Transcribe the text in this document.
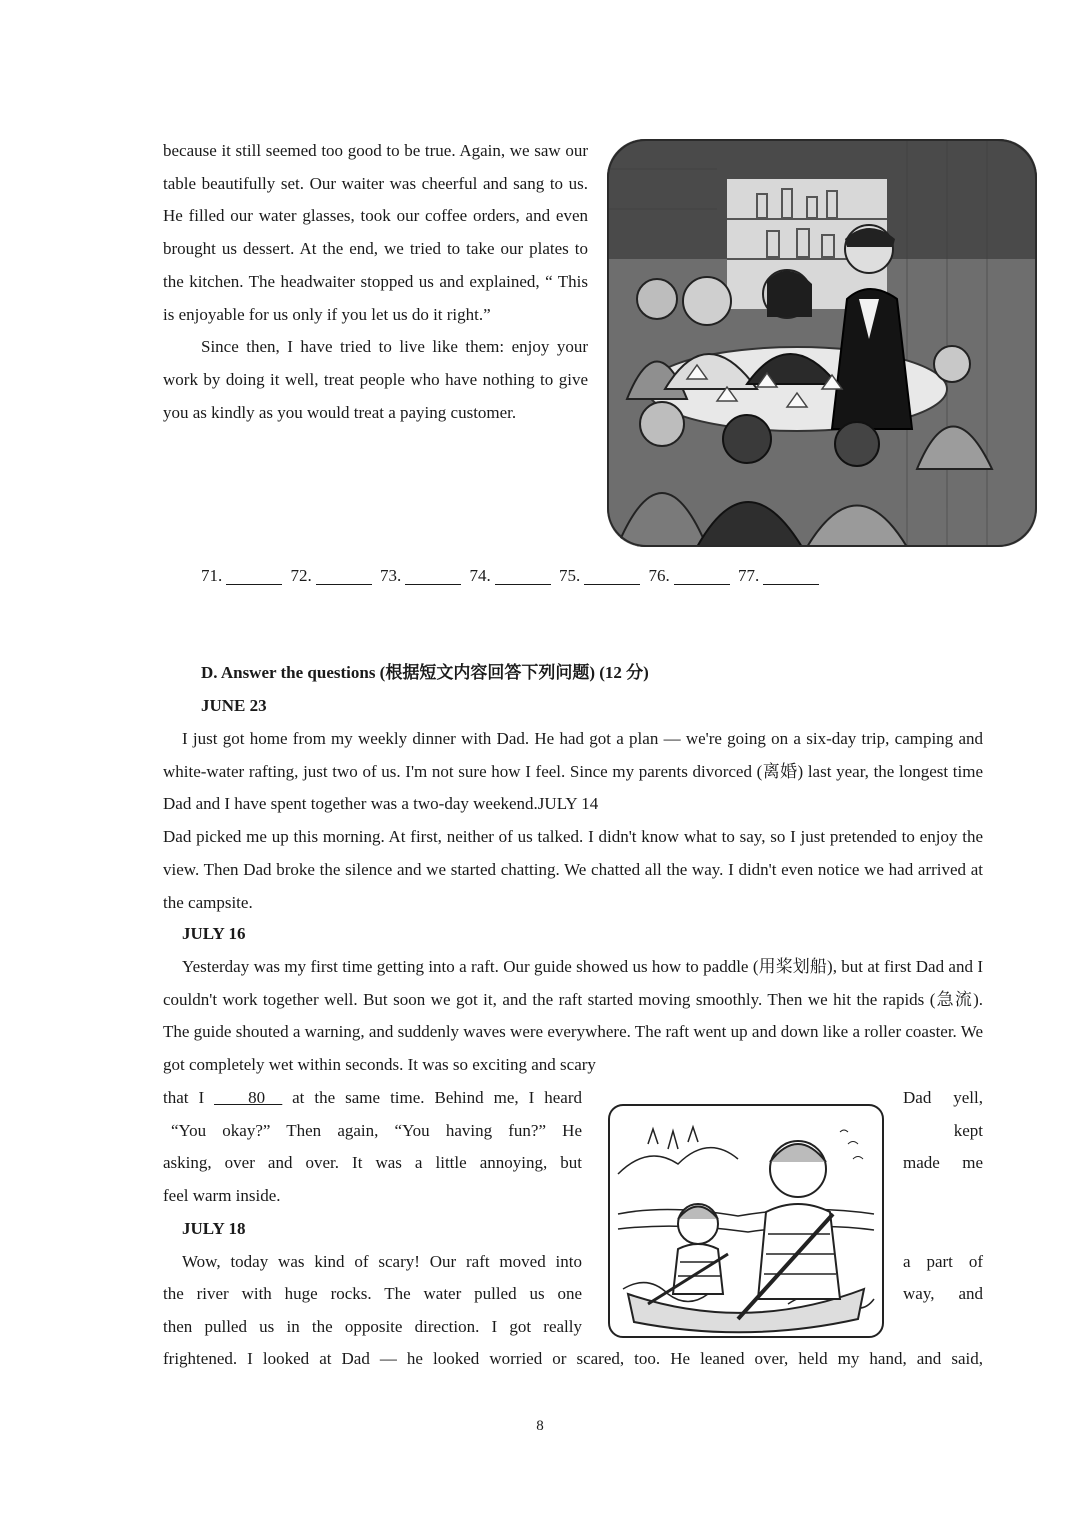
because it still seemed too good to be true. Again, we saw our table beautifully set. Our waiter was cheerful and sang to us. He filled our water glasses, took our coffee orders, and even brought us dessert. At the end, we tried to take our plates to the kitchen. The headwaiter stopped us and explained, “ This is enjoyable for us only if you let us do it right.”

Since then, I have tried to live like them: enjoy your work by doing it well, treat people who have nothing to give you as kindly as you would treat a paying customer.

71.	72.	73.	74.	75.	76.	77.
D. Answer the questions (根据短文内容回答下列问题) (12 分)
JUNE 23

I just got home from my weekly dinner with Dad. He had got a plan — we're going on a six-day trip, camping and white-water rafting, just two of us. I'm not sure how I feel. Since my parents divorced (离婚) last year, the longest time Dad and I have spent together was a two-day weekend.JULY 14

Dad picked me up this morning. At first, neither of us talked. I didn't know what to say, so I just pretended to enjoy the view. Then Dad broke the silence and we started chatting. We chatted all the way. I didn't even notice we had arrived at the campsite.

JULY 16

Yesterday was my first time getting into a raft. Our guide showed us how to paddle (用桨划船), but at first Dad and I couldn't work together well. But soon we got it, and the raft started moving smoothly. Then we hit the rapids (急流). The guide shouted a warning, and suddenly waves were everywhere. The raft went up and down like a roller coaster. We got completely wet within seconds. It was so exciting and scary

that I ____80__ at the same time. Behind me, I heard
“You okay?” Then again, “You having fun?” He
asking, over and over. It was a little annoying, but
feel warm inside.
JULY 18
Wow, today was kind of scary! Our raft moved into
the river with huge rocks. The water pulled us one
then pulled us in the opposite direction. I got really
Dad yell,
kept
made me

a part of
way, and
frightened. I looked at Dad — he looked worried or scared, too. He leaned over, held my hand, and said,
8
